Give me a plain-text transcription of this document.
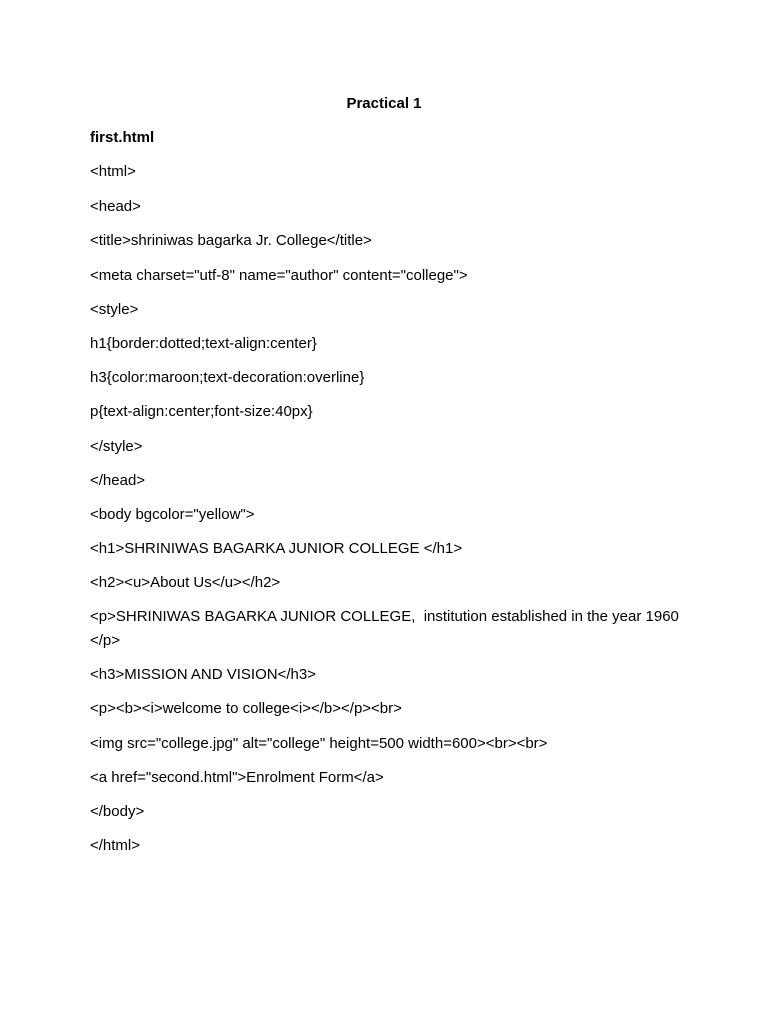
Practical 1
first.html
<html>
<head>
<title>shriniwas bagarka Jr. College</title>
<meta charset="utf-8" name="author" content="college">
<style>
h1{border:dotted;text-align:center}
h3{color:maroon;text-decoration:overline}
p{text-align:center;font-size:40px}
</style>
</head>
<body bgcolor="yellow">
<h1>SHRINIWAS BAGARKA JUNIOR COLLEGE </h1>
<h2><u>About Us</u></h2>
<p>SHRINIWAS BAGARKA JUNIOR COLLEGE,  institution established in the year 1960 </p>
<h3>MISSION AND VISION</h3>
<p><b><i>welcome to college<i></b></p><br>
<img src="college.jpg" alt="college" height=500 width=600><br><br>
<a href="second.html">Enrolment Form</a>
</body>
</html>
